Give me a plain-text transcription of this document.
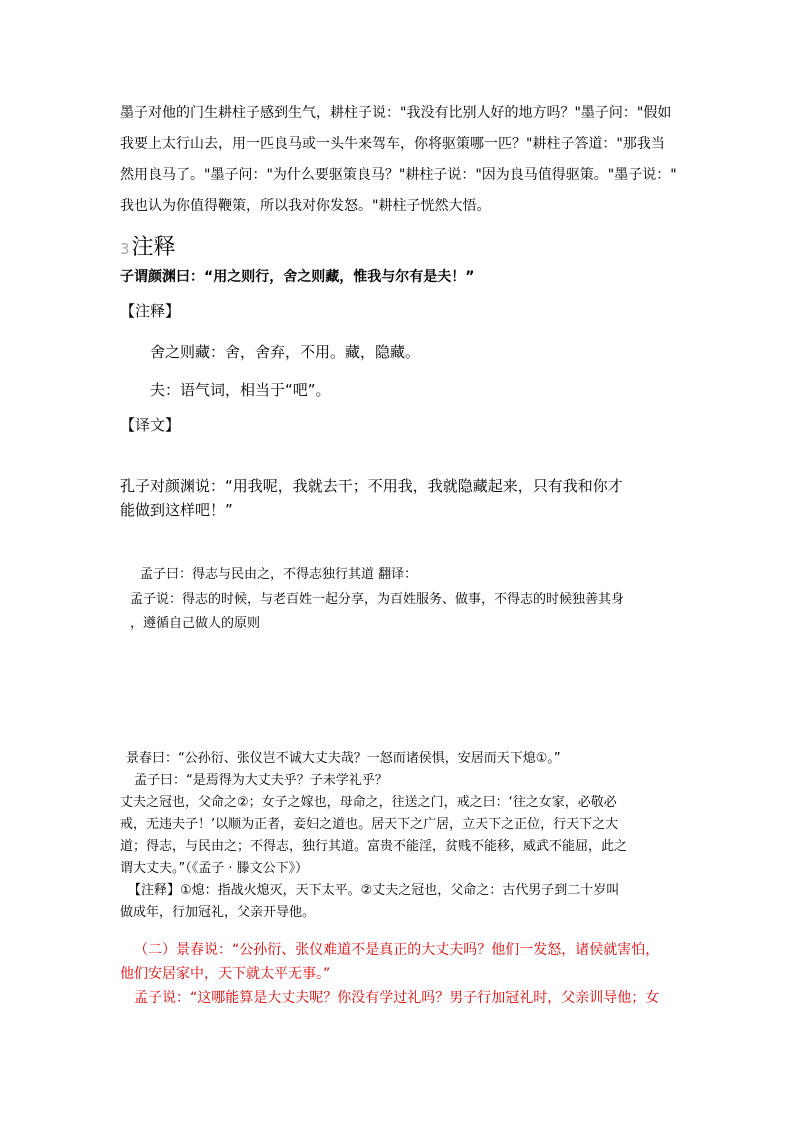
墨子对他的门生耕柱子感到生气，耕柱子说："我没有比别人好的地方吗？"墨子问："假如
我要上太行山去，用一匹良马或一头牛来驾车，你将驱策哪一匹？"耕柱子答道："那我当
然用良马了。"墨子问："为什么要驱策良马？"耕柱子说："因为良马值得驱策。"墨子说："
我也认为你值得鞭策，所以我对你发怒。"耕柱子恍然大悟。
3注释
子谓颜渊曰：“用之则行，舍之则藏，惟我与尔有是夫！”
【注释】
舍之则藏：舍，舍弃，不用。藏，隐藏。
夫：语气词，相当于“吧”。
【译文】
孔子对颜渊说：“用我呢，我就去干；不用我，我就隐藏起来，只有我和你才
能做到这样吧！”
孟子曰：得志与民由之，不得志独行其道 翻译：
孟子说：得志的时候，与老百姓一起分享，为百姓服务、做事，不得志的时候独善其身
，遵循自己做人的原则
景春曰：“公孙衍、张仪岂不诚大丈夫哉？一怒而诸侯惧，安居而天下熄①。”
孟子曰：“是焉得为大丈夫乎？子未学礼乎？
丈夫之冠也，父命之②；女子之嫁也，母命之，往送之门，戒之曰：‘往之女家，必敬必
戒，无违夫子！’以顺为正者，妾妇之道也。居天下之广居，立天下之正位，行天下之大
道；得志，与民由之；不得志，独行其道。富贵不能淫，贫贱不能移，威武不能屈，此之
谓大丈夫。”（《孟子 · 滕文公下》）
【注释】①熄：指战火熄灭，天下太平。②丈夫之冠也，父命之：古代男子到二十岁叫
做成年，行加冠礼，父亲开导他。
（二）景春说：“公孙衍、张仪难道不是真正的大丈夫吗？他们一发怒，诸侯就害怕，
他们安居家中，天下就太平无事。”
孟子说：“这哪能算是大丈夫呢？你没有学过礼吗？男子行加冠礼时，父亲训导他；女
